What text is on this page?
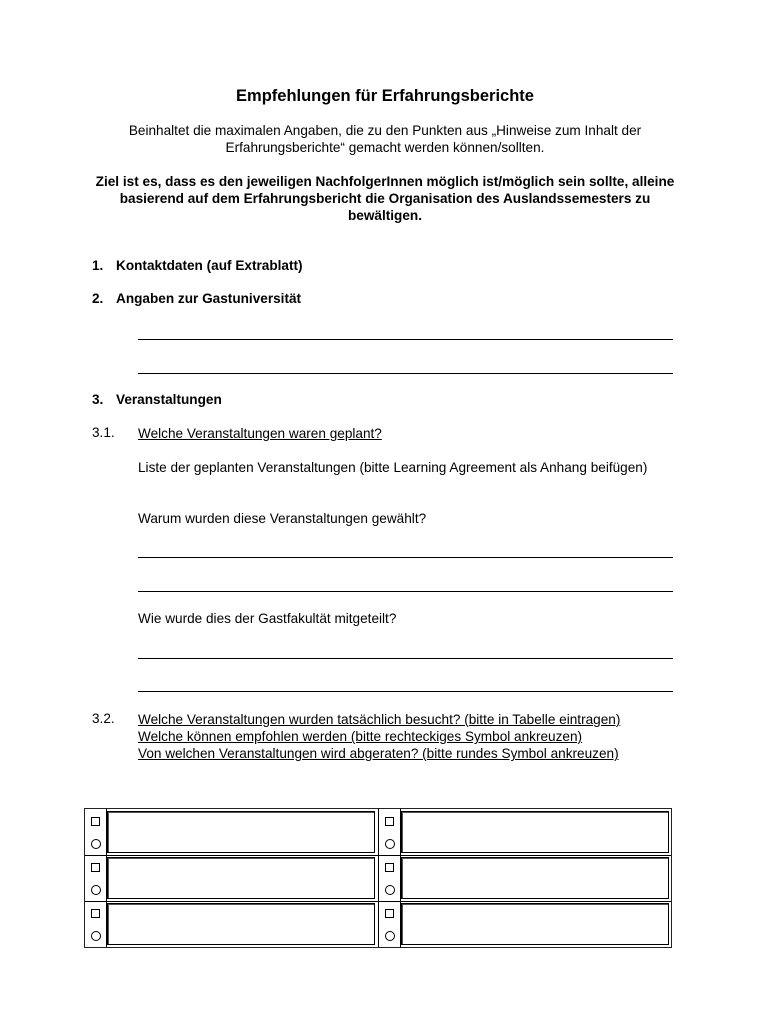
Empfehlungen für Erfahrungsberichte
Beinhaltet die maximalen Angaben, die zu den Punkten aus „Hinweise zum Inhalt der Erfahrungsberichte“ gemacht werden können/sollten.
Ziel ist es, dass es den jeweiligen NachfolgerInnen möglich ist/möglich sein sollte, alleine basierend auf dem Erfahrungsbericht die Organisation des Auslandssemesters zu bewältigen.
1. Kontaktdaten (auf Extrablatt)
2. Angaben zur Gastuniversität
3. Veranstaltungen
3.1. Welche Veranstaltungen waren geplant?
Liste der geplanten Veranstaltungen (bitte Learning Agreement als Anhang beifügen)
Warum wurden diese Veranstaltungen gewählt?
Wie wurde dies der Gastfakultät mitgeteilt?
3.2. Welche Veranstaltungen wurden tatsächlich besucht? (bitte in Tabelle eintragen)
Welche können empfohlen werden (bitte rechteckiges Symbol ankreuzen)
Von welchen Veranstaltungen wird abgeraten? (bitte rundes Symbol ankreuzen)
